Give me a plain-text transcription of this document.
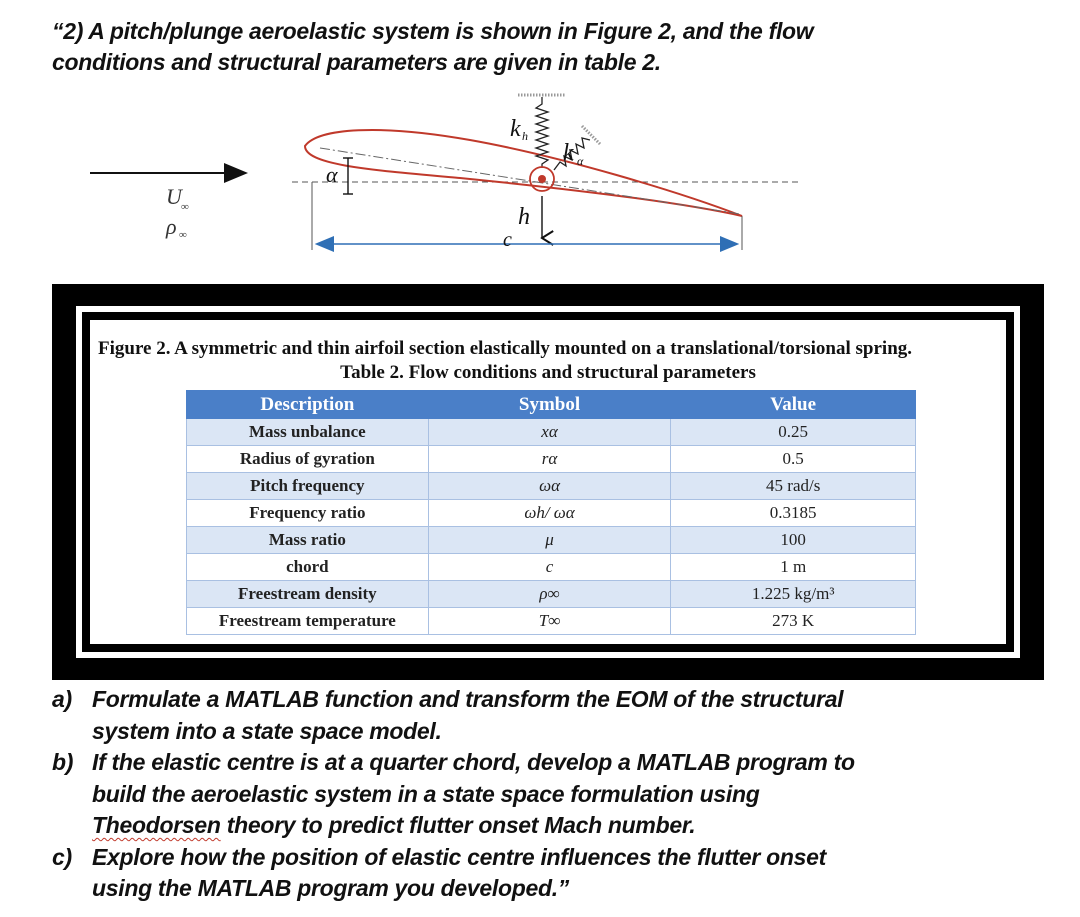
“2) A pitch/plunge aeroelastic system is shown in Figure 2, and the flow
conditions and structural parameters are given in table 2.
α
k h
k α
h
c
U ∞
ρ ∞
Figure 2. A symmetric and thin airfoil section elastically mounted on a translational/torsional spring.
Table 2. Flow conditions and structural parameters
Description	Symbol	Value
Mass unbalance	xα	0.25
Radius of gyration	rα	0.5
Pitch frequency	ωα	45 rad/s
Frequency ratio	ωh/ ωα	0.3185
Mass ratio	μ	100
chord	c	1 m
Freestream density	ρ∞	1.225 kg/m³
Freestream temperature	T∞	273 K
a) Formulate a MATLAB function and transform the EOM of the structural
system into a state space model.
b) If the elastic centre is at a quarter chord, develop a MATLAB program to
build the aeroelastic system in a state space formulation using
Theodorsen theory to predict flutter onset Mach number.
c) Explore how the position of elastic centre influences the flutter onset
using the MATLAB program you developed.”
